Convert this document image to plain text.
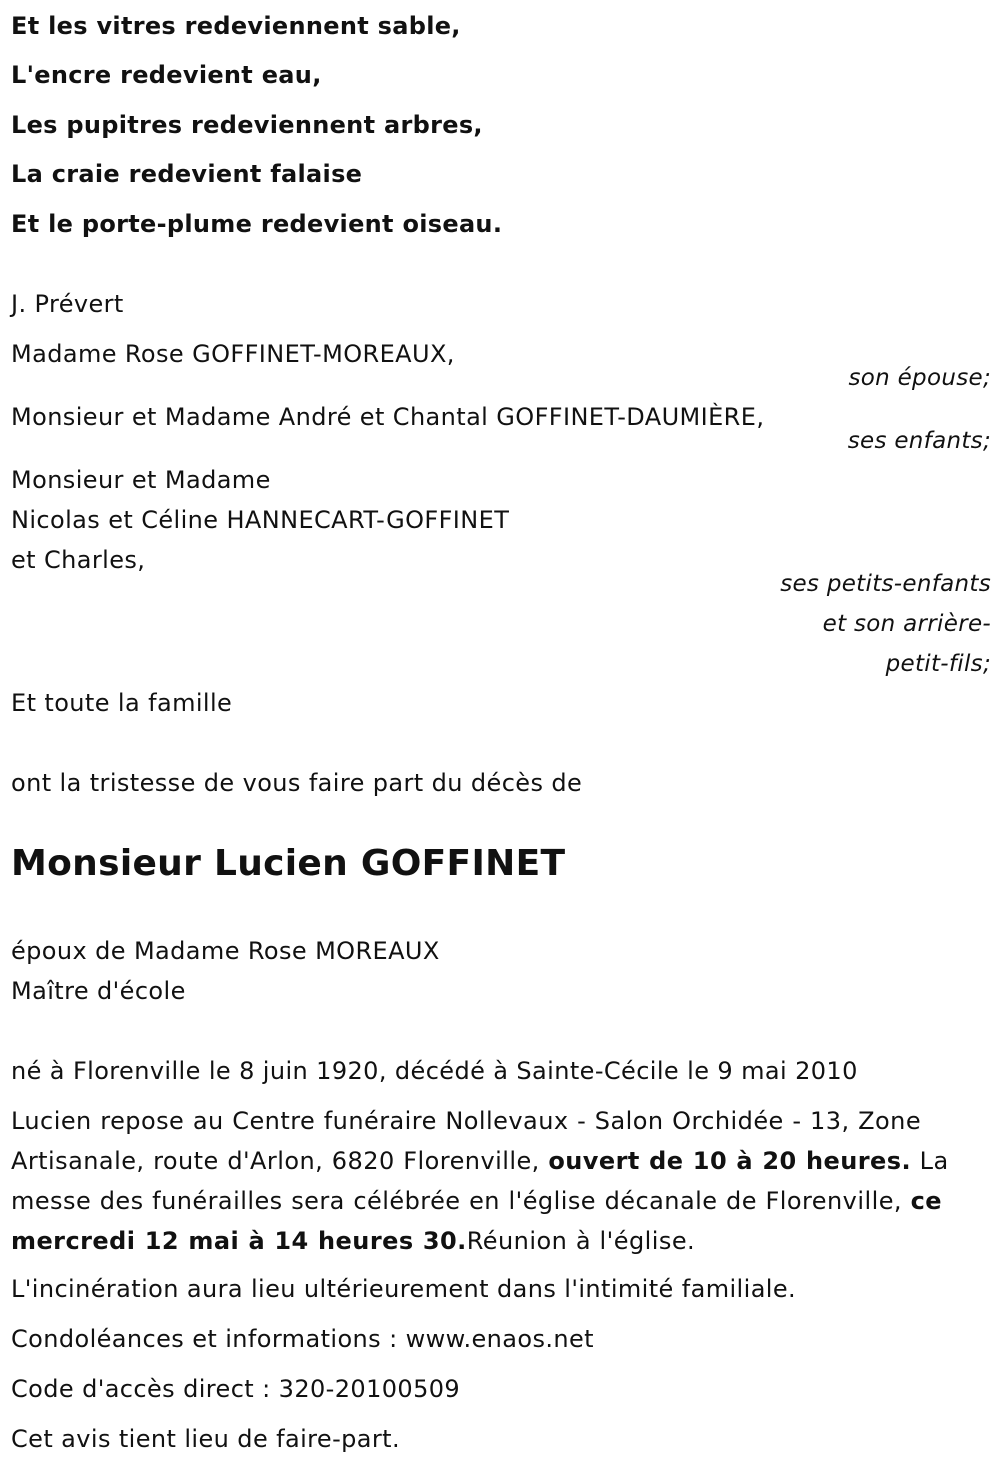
Et les vitres redeviennent sable,
L'encre redevient eau,
Les pupitres redeviennent arbres,
La craie redevient falaise
Et le porte-plume redevient oiseau.
J. Prévert
Madame Rose GOFFINET-MOREAUX,
son épouse;
Monsieur et Madame André et Chantal GOFFINET-DAUMIÈRE,
ses enfants;
Monsieur et Madame
Nicolas et Céline HANNECART-GOFFINET
et Charles,
ses petits-enfants
et son arrière-
petit-fils;
Et toute la famille
ont la tristesse de vous faire part du décès de
Monsieur Lucien GOFFINET
époux de Madame Rose MOREAUX
Maître d'école
né à Florenville le 8 juin 1920, décédé à Sainte-Cécile le 9 mai 2010
Lucien repose au Centre funéraire Nollevaux - Salon Orchidée - 13, Zone Artisanale, route d'Arlon, 6820 Florenville, ouvert de 10 à 20 heures. La messe des funérailles sera célébrée en l'église décanale de Florenville, ce mercredi 12 mai à 14 heures 30.Réunion à l'église.
L'incinération aura lieu ultérieurement dans l'intimité familiale.
Condoléances et informations : www.enaos.net
Code d'accès direct : 320-20100509
Cet avis tient lieu de faire-part.
